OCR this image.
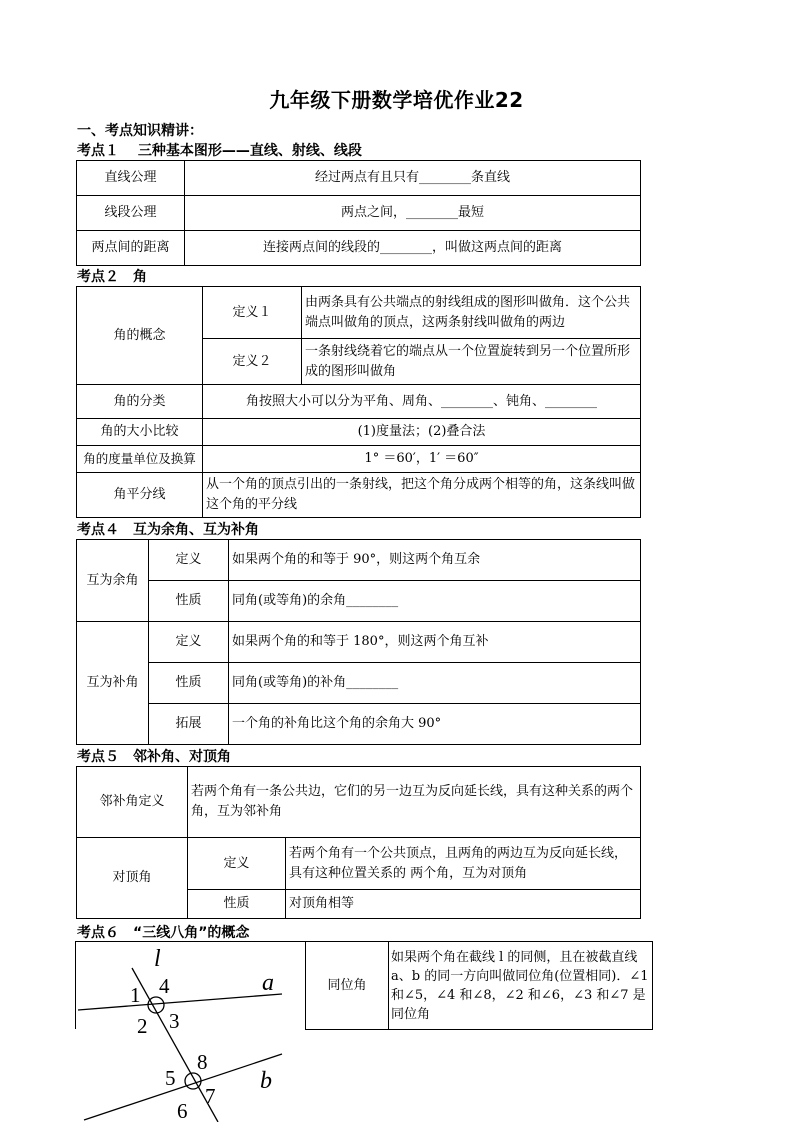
九年级下册数学培优作业22
一、考点知识精讲：
考点１　 三种基本图形——直线、射线、线段
直线公理	经过两点有且只有________条直线
线段公理	两点之间，________最短
两点间的距离	连接两点间的线段的________，叫做这两点间的距离
考点２　角
角的概念	定义１	由两条具有公共端点的射线组成的图形叫做角．这个公共端点叫做角的顶点，这两条射线叫做角的两边
	定义２	一条射线绕着它的端点从一个位置旋转到另一个位置所形成的图形叫做角
角的分类	角按照大小可以分为平角、周角、________、钝角、________	
角的大小比较	(1)度量法；(2)叠合法	
角的度量单位及换算	1° ＝60′，1′ ＝60″	
角平分线	从一个角的顶点引出的一条射线，把这个角分成两个相等的角，这条线叫做这个角的平分线	
考点４　互为余角、互为补角
互为余角	定义	如果两个角的和等于 90°，则这两个角互余
	性质	同角(或等角)的余角________
互为补角	定义	如果两个角的和等于 180°，则这两个角互补
	性质	同角(或等角)的补角________
	拓展	一个角的补角比这个角的余角大 90°
考点５　邻补角、对顶角
邻补角定义	若两个角有一条公共边，它们的另一边互为反向延长线，具有这种关系的两个角，互为邻补角	
对顶角	定义	若两个角有一个公共顶点，且两角的两边互为反向延长线，具有这种位置关系的 两个角，互为对顶角
	性质	对顶角相等
考点６　“三线八角”的概念
同位角	如果两个角在截线 l 的同侧，且在被截直线 a、b 的同一方向叫做同位角(位置相同)．∠1 和∠5，∠4 和∠8，∠2 和∠6，∠3 和∠7 是同位角
l
a
b
1
2 3
4
5
6
7
8
